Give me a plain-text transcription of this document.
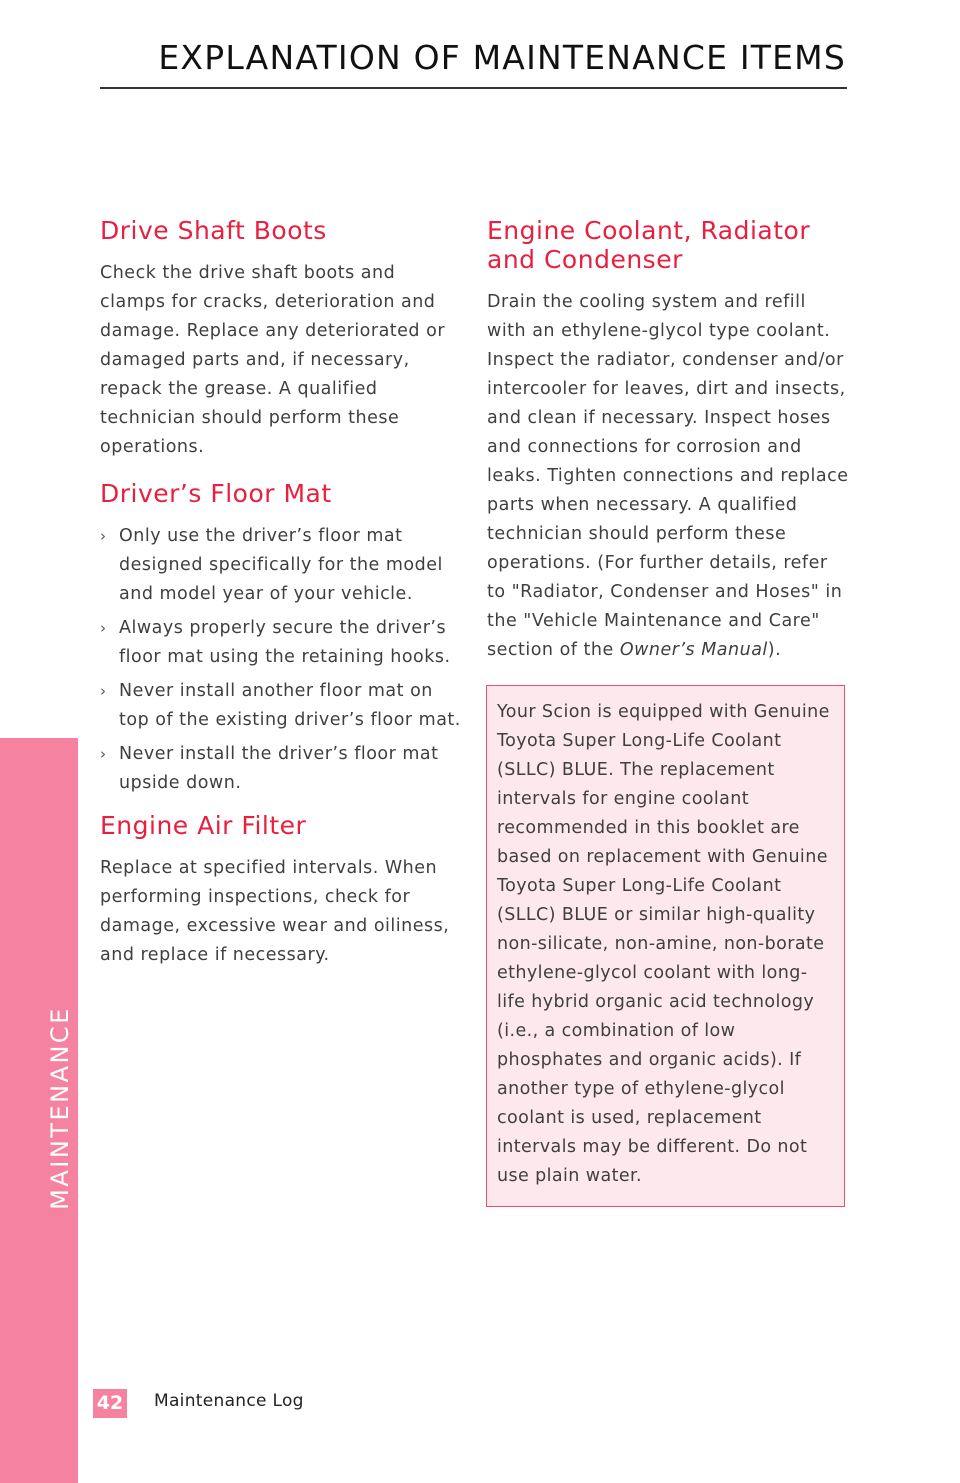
EXPLANATION OF MAINTENANCE ITEMS
MAINTENANCE
Drive Shaft Boots

Check the drive shaft boots and clamps for cracks, deterioration and damage. Replace any deteriorated or damaged parts and, if necessary, repack the grease. A qualified technician should perform these operations.

Driver’s Floor Mat
› Only use the driver’s floor mat designed specifically for the model and model year of your vehicle.
› Always properly secure the driver’s floor mat using the retaining hooks.
› Never install another floor mat on top of the existing driver’s floor mat.
› Never install the driver’s floor mat upside down.
Engine Air Filter

Replace at specified intervals. When performing inspections, check for damage, excessive wear and oiliness, and replace if necessary.

Engine Coolant, Radiator and Condenser

Drain the cooling system and refill with an ethylene-glycol type coolant. Inspect the radiator, condenser and/or intercooler for leaves, dirt and insects, and clean if necessary. Inspect hoses and connections for corrosion and leaks. Tighten connections and replace parts when necessary. A qualified technician should perform these operations. (For further details, refer to "Radiator, Condenser and Hoses" in the "Vehicle Maintenance and Care" section of the Owner’s Manual).

Your Scion is equipped with Genuine Toyota Super Long-Life Coolant (SLLC) BLUE. The replacement intervals for engine coolant recommended in this booklet are based on replacement with Genuine Toyota Super Long-Life Coolant (SLLC) BLUE or similar high-quality non-silicate, non-amine, non-borate ethylene-glycol coolant with long-life hybrid organic acid technology (i.e., a combination of low phosphates and organic acids). If another type of ethylene-glycol coolant is used, replacement intervals may be different. Do not use plain water.

42 Maintenance Log
